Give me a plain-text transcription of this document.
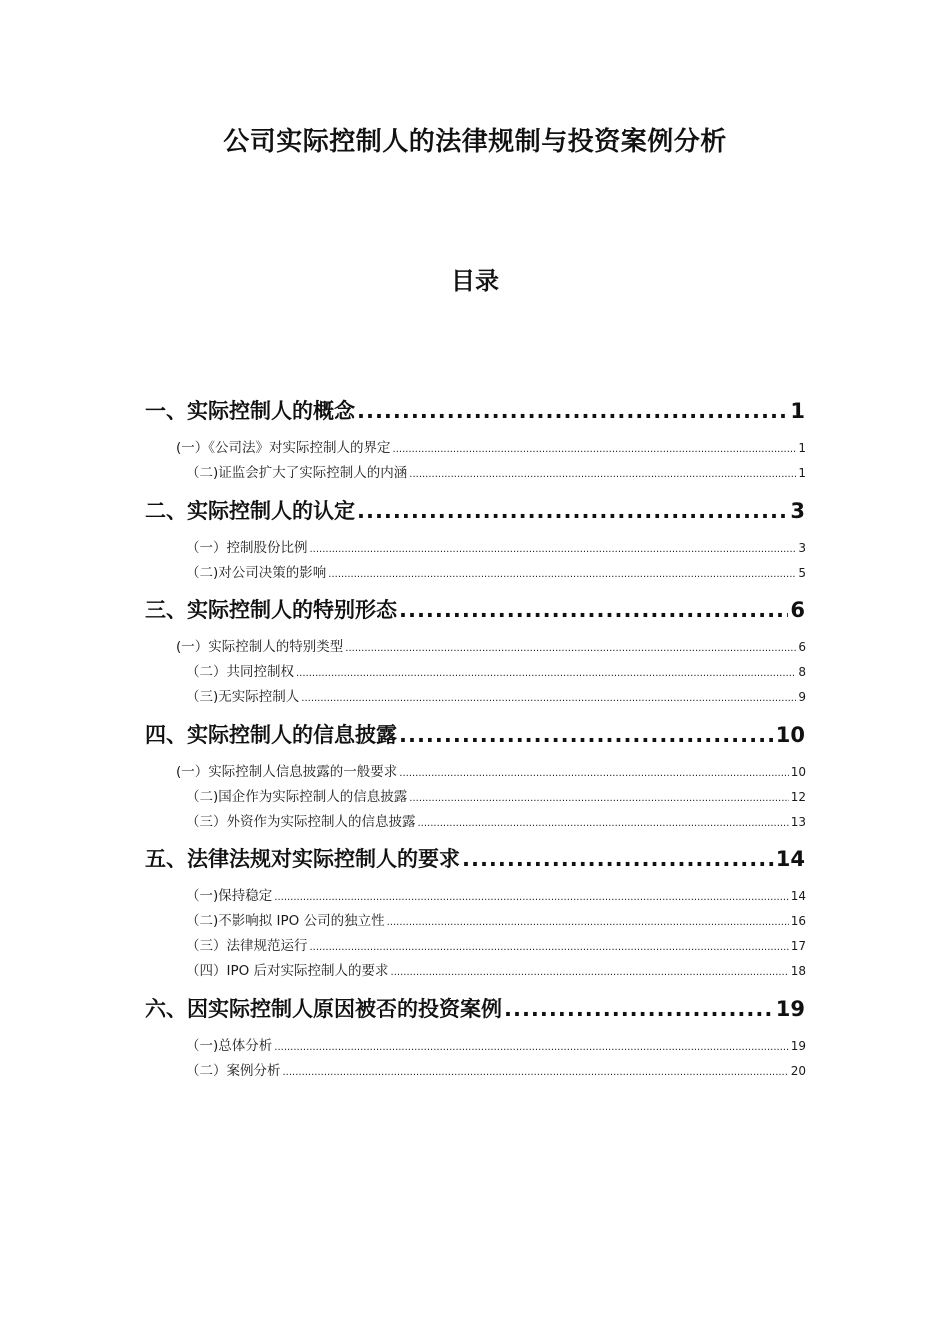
公司实际控制人的法律规制与投资案例分析
目录
一、实际控制人的概念 .....	1
(一）《公司法》对实际控制人的界定 .....	1
（二)证监会扩大了实际控制人的内涵 .....	1
二、实际控制人的认定 .....	3
（一）控制股份比例 .....	3
（二)对公司决策的影响 .....	5
三、实际控制人的特别形态 .....	6
(一）实际控制人的特别类型 .....	6
（二）共同控制权 .....	8
（三)无实际控制人 .....	9
四、实际控制人的信息披露 .....	10
(一）实际控制人信息披露的一般要求 .....	10
（二)国企作为实际控制人的信息披露 .....	12
（三）外资作为实际控制人的信息披露 .....	13
五、法律法规对实际控制人的要求 .....	14
（一)保持稳定 .....	14
（二)不影响拟 IPO 公司的独立性 .....	16
（三）法律规范运行 .....	17
（四）IPO 后对实际控制人的要求 .....	18
六、因实际控制人原因被否的投资案例 .....	19
（一)总体分析 .....	19
（二）案例分析 .....	20
